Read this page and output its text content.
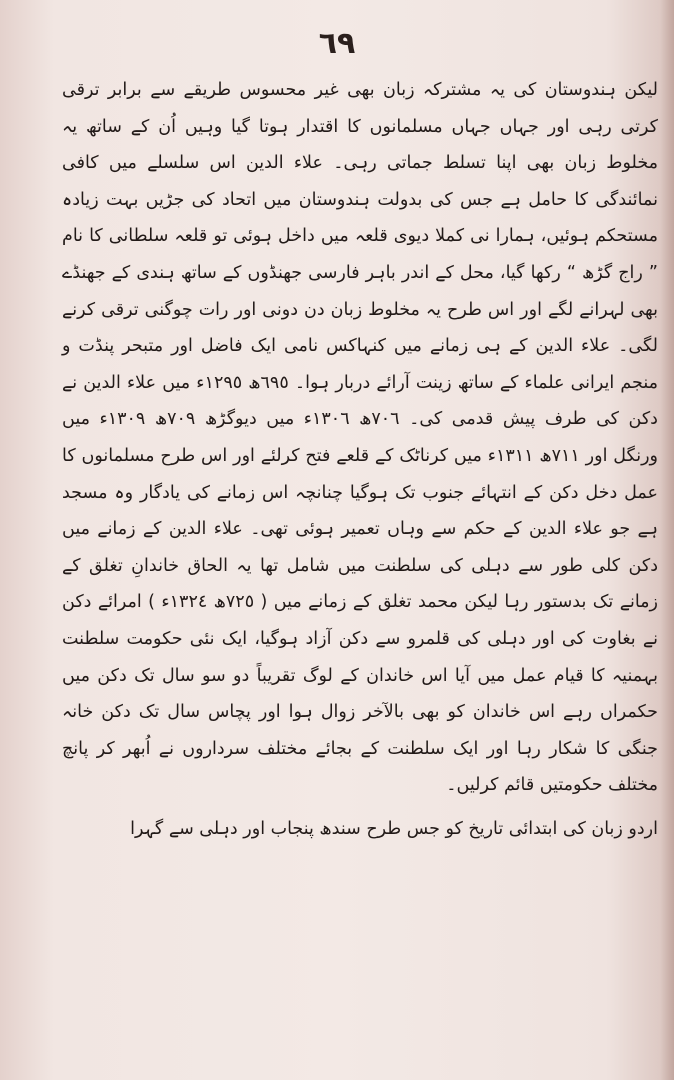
٦٩

لیکن ہندوستان کی یہ مشترکہ زبان بھی غیر محسوس طریقے سے برابر ترقی کرتی رہی اور جہاں جہاں مسلمانوں کا اقتدار ہوتا گیا وہیں اُن کے ساتھ یہ مخلوط زبان بھی اپنا تسلط جماتی رہی۔ علاء الدین اس سلسلے میں کافی نمائندگی کا حامل ہے جس کی بدولت ہندوستان میں اتحاد کی جڑیں بہت زیادہ مستحکم ہوئیں، ہمارا نی کملا دیوی قلعہ میں داخل ہوئی تو قلعہ سلطانی کا نام ” راج گڑھ “ رکھا گیا، محل کے اندر باہر فارسی جھنڈوں کے ساتھ ہندی کے جھنڈے بھی لہرانے لگے اور اس طرح یہ مخلوط زبان دن دونی اور رات چوگنی ترقی کرنے لگی۔ علاء الدین کے ہی زمانے میں کنہاکس نامی ایک فاضل اور متبحر پنڈت و منجم ایرانی علماء کے ساتھ زینت آرائے دربار ہوا۔ ٦٩٥ھ ١٢٩٥ء میں علاء الدین نے دکن کی طرف پیش قدمی کی۔ ٧٠٦ھ ١٣٠٦ء میں دیوگڑھ ٧٠٩ھ ١٣٠٩ء میں ورنگل اور ٧١١ھ ١٣١١ء میں کرناٹک کے قلعے فتح کرلئے اور اس طرح مسلمانوں کا عمل دخل دکن کے انتہائے جنوب تک ہوگیا چنانچہ اس زمانے کی یادگار وہ مسجد ہے جو علاء الدین کے حکم سے وہاں تعمیر ہوئی تھی۔ علاء الدین کے زمانے میں دکن کلی طور سے دہلی کی سلطنت میں شامل تھا یہ الحاق خاندانِ تغلق کے زمانے تک بدستور رہا لیکن محمد تغلق کے زمانے میں ( ٧٢٥ھ ١٣٢٤ء ) امرائے دکن نے بغاوت کی اور دہلی کی قلمرو سے دکن آزاد ہوگیا، ایک نئی حکومت سلطنت بہمنیہ کا قیام عمل میں آیا اس خاندان کے لوگ تقریباً دو سو سال تک دکن میں حکمراں رہے اس خاندان کو بھی بالآخر زوال ہوا اور پچاس سال تک دکن خانہ جنگی کا شکار رہا اور ایک سلطنت کے بجائے مختلف سرداروں نے اُبھر کر پانچ مختلف حکومتیں قائم کرلیں۔

اردو زبان کی ابتدائی تاریخ کو جس طرح سندھ پنجاب اور دہلی سے گہرا
